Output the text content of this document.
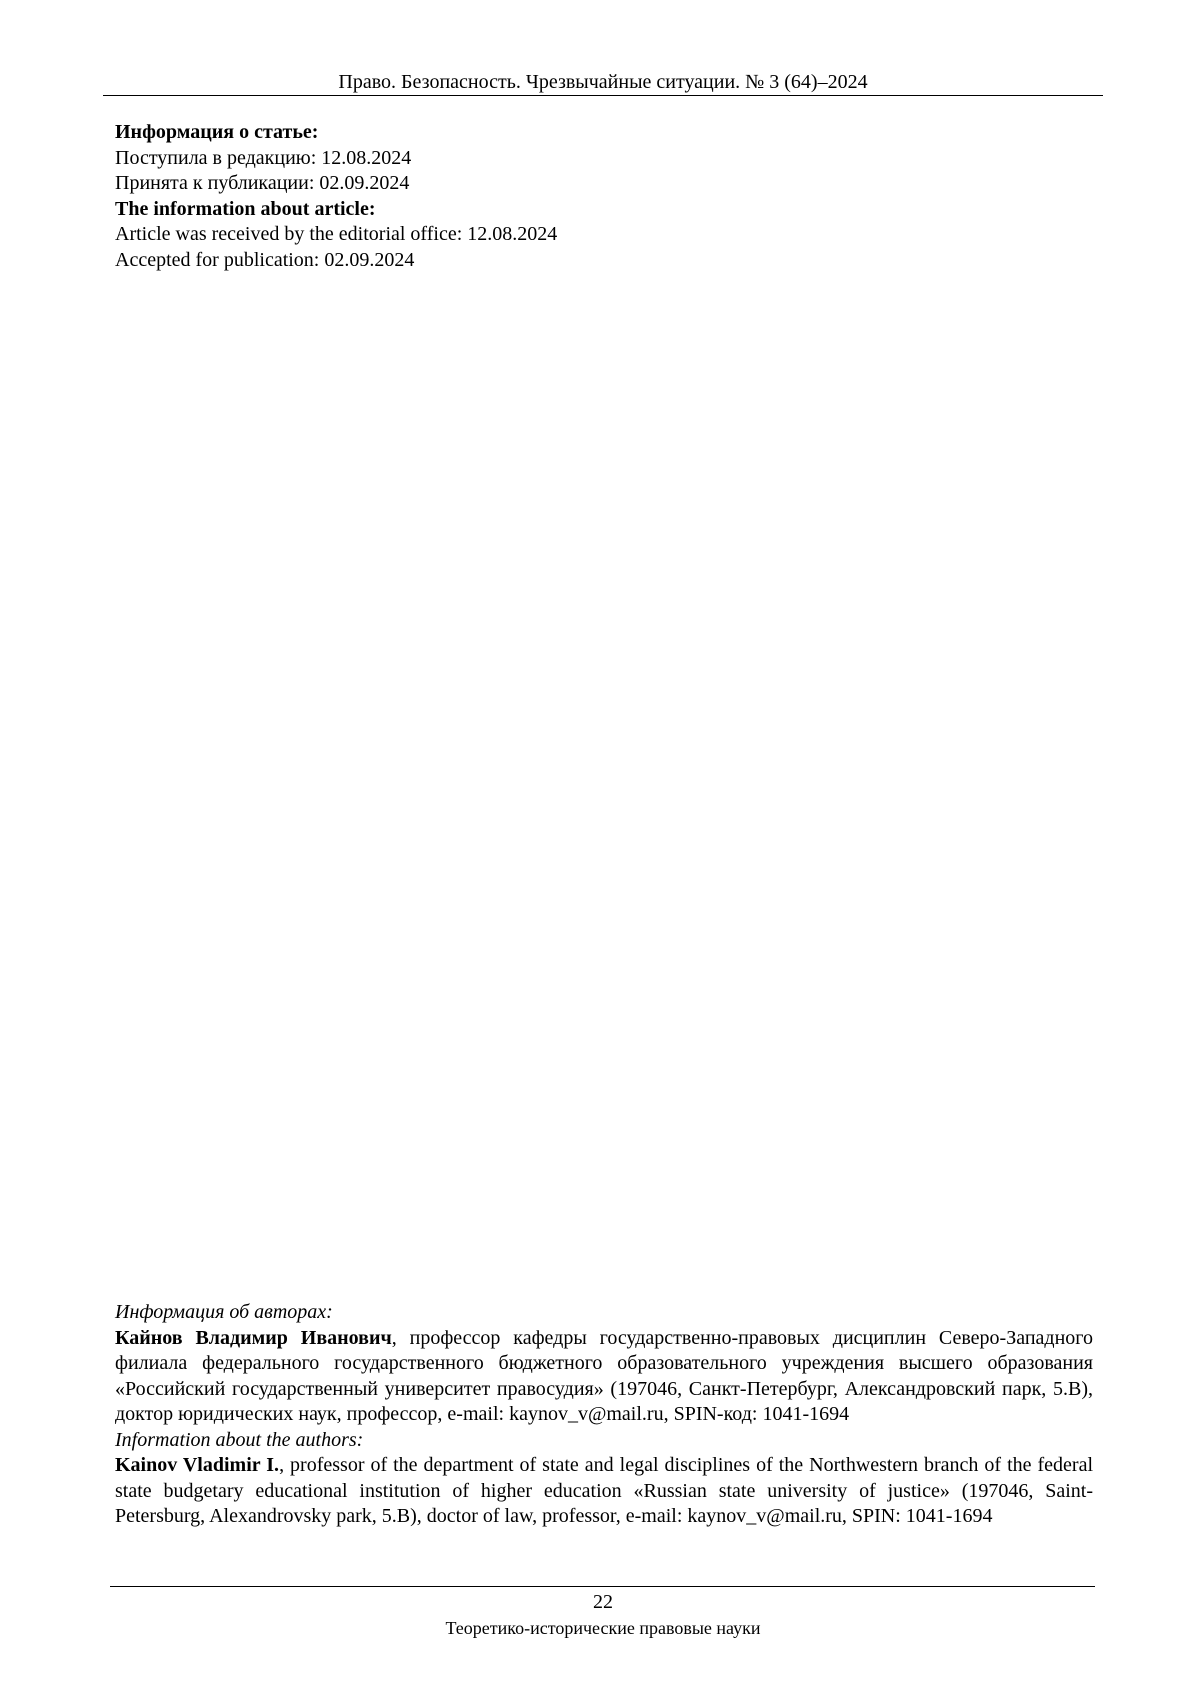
Право. Безопасность. Чрезвычайные ситуации. № 3 (64)–2024
Информация о статье:
Поступила в редакцию: 12.08.2024
Принята к публикации: 02.09.2024
The information about article:
Article was received by the editorial office: 12.08.2024
Accepted for publication: 02.09.2024

Информация об авторах:

Кайнов Владимир Иванович, профессор кафедры государственно-правовых дисциплин Северо-Западного филиала федерального государственного бюджетного образовательного учреждения высшего образования «Российский государственный университет правосудия» (197046, Санкт-Петербург, Александровский парк, 5.В), доктор юридических наук, профессор, e-mail: kaynov_v@mail.ru, SPIN-код: 1041-1694

Information about the authors:

Kainov Vladimir I., professor of the department of state and legal disciplines of the Northwestern branch of the federal state budgetary educational institution of higher education «Russian state university of justice» (197046, Saint-Petersburg, Alexandrovsky park, 5.B), doctor of law, professor, e-mail: kaynov_v@mail.ru, SPIN: 1041-1694

22
Теоретико-исторические правовые науки
